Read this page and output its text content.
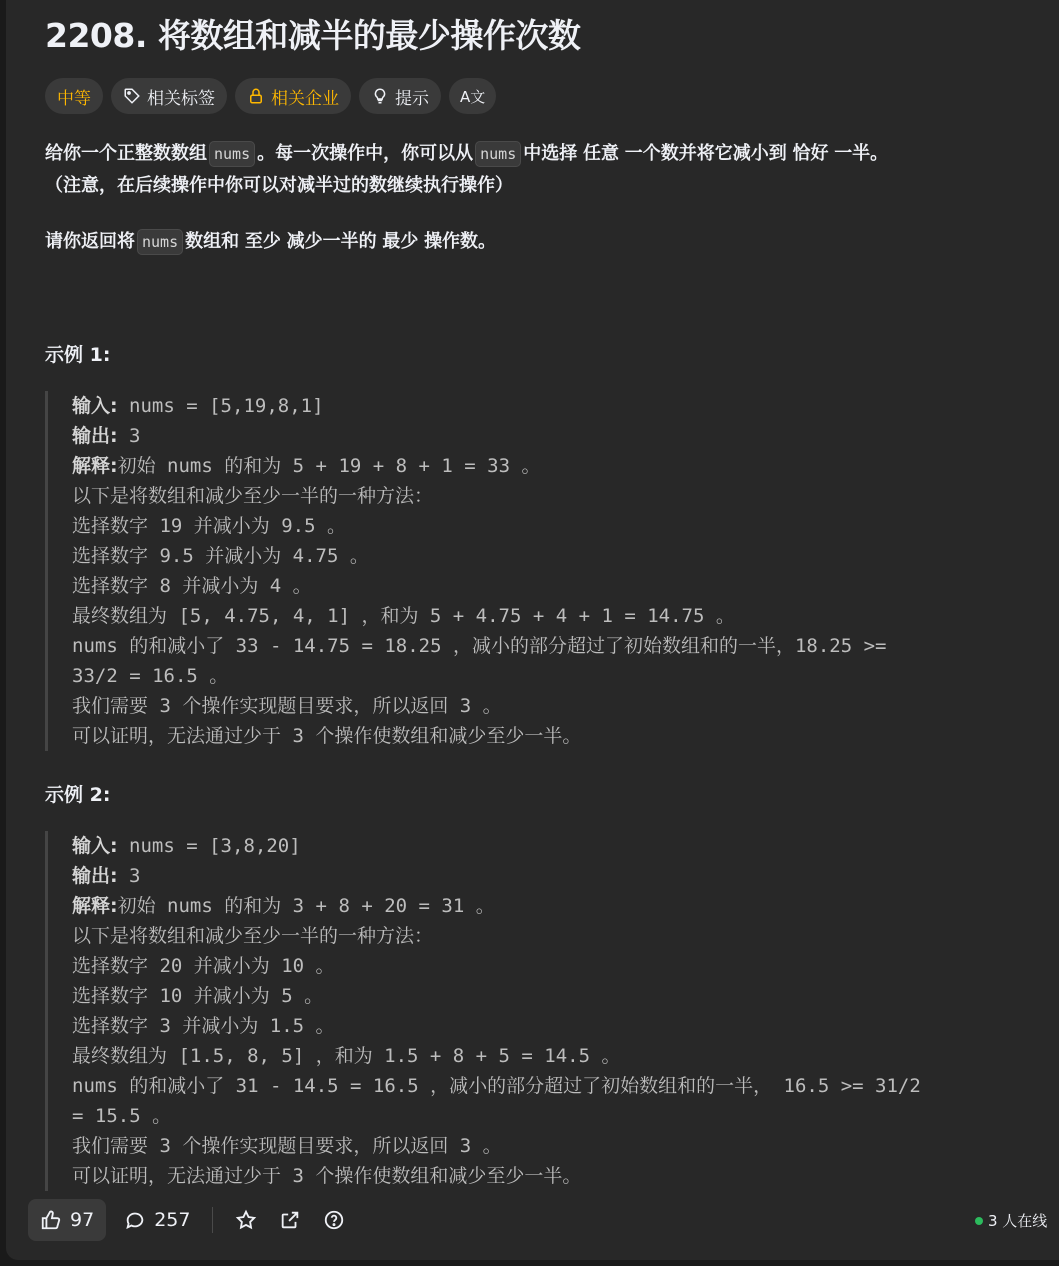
2208. 将数组和减半的最少操作次数
中等	相关标签	相关企业	提示 A文
给你一个正整数数组 nums 。每一次操作中，你可以从 nums 中选择 任意 一个数并将它减小到 恰好 一半。
（注意，在后续操作中你可以对减半过的数继续执行操作）
请你返回将 nums 数组和 至少 减少一半的 最少 操作数。
示例 1:
输入: nums = [5,19,8,1]
输出: 3
解释:初始 nums 的和为 5 + 19 + 8 + 1 = 33 。
以下是将数组和减少至少一半的一种方法：
选择数字 19 并减小为 9.5 。
选择数字 9.5 并减小为 4.75 。
选择数字 8 并减小为 4 。
最终数组为 [5, 4.75, 4, 1] ，和为 5 + 4.75 + 4 + 1 = 14.75 。
nums 的和减小了 33 - 14.75 = 18.25 ，减小的部分超过了初始数组和的一半，18.25 >=
33/2 = 16.5 。
我们需要 3 个操作实现题目要求，所以返回 3 。
可以证明，无法通过少于 3 个操作使数组和减少至少一半。
示例 2:
输入: nums = [3,8,20]
输出: 3
解释:初始 nums 的和为 3 + 8 + 20 = 31 。
以下是将数组和减少至少一半的一种方法：
选择数字 20 并减小为 10 。
选择数字 10 并减小为 5 。
选择数字 3 并减小为 1.5 。
最终数组为 [1.5, 8, 5] ，和为 1.5 + 8 + 5 = 14.5 。
nums 的和减小了 31 - 14.5 = 16.5 ，减小的部分超过了初始数组和的一半， 16.5 >= 31/2
= 15.5 。
我们需要 3 个操作实现题目要求，所以返回 3 。
可以证明，无法通过少于 3 个操作使数组和减少至少一半。
97	257	3 人在线
